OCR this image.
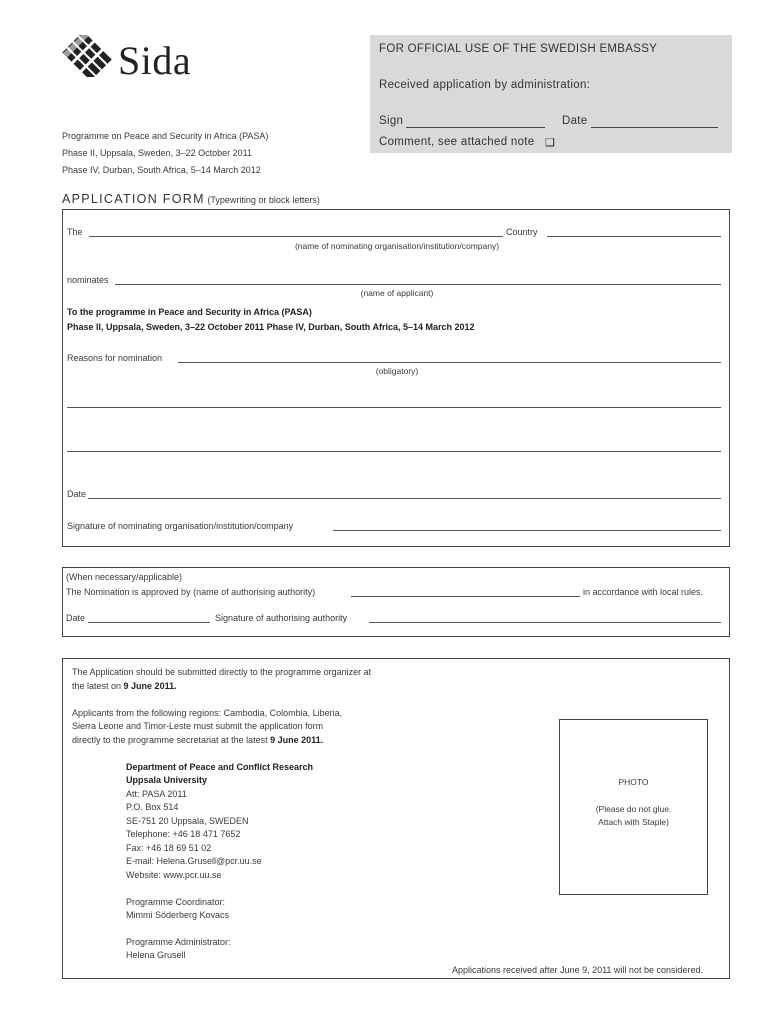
Sida	FOR OFFICIAL USE OF THE SWEDISH EMBASSY
Received application by administration:
Sign	Date
Comment, see attached note ❑
Programme on Peace and Security in Africa (PASA)
Phase II, Uppsala, Sweden, 3–22 October 2011
Phase IV, Durban, South Africa, 5–14 March 2012
APPLICATION FORM (Typewriting or block letters)
The	Country
(name of nominating organisation/institution/company)
nominates
(name of applicant)
To the programme in Peace and Security in Africa (PASA)
Phase II, Uppsala, Sweden, 3–22 October 2011 Phase IV, Durban, South Africa, 5–14 March 2012
Reasons for nomination
(obligatory)
Date
Signature of nominating organisation/institution/company
(When necessary/applicable)
The Nomination is approved by (name of authorising authority)	in accordance with local rules.
Date	Signature of authorising authority
The Application should be submitted directly to the programme organizer at
the latest on 9 June 2011.
Applicants from the following regions: Cambodia, Colombia, Liberia,
Sierra Leone and Timor-Leste must submit the application form
directly to the programme secretariat at the latest 9 June 2011.
Department of Peace and Conflict Research
Uppsala University
Att: PASA 2011
P.O. Box 514
SE-751 20 Uppsala, SWEDEN
Telephone: +46 18 471 7652
Fax: +46 18 69 51 02
E-mail: Helena.Grusell@pcr.uu.se
Website: www.pcr.uu.se
Programme Coordinator:
Mimmi Söderberg Kovacs
Programme Administrator:
Helena Grusell
Applications received after June 9, 2011 will not be considered.
PHOTO
(Please do not glue.
Attach with Staple)
